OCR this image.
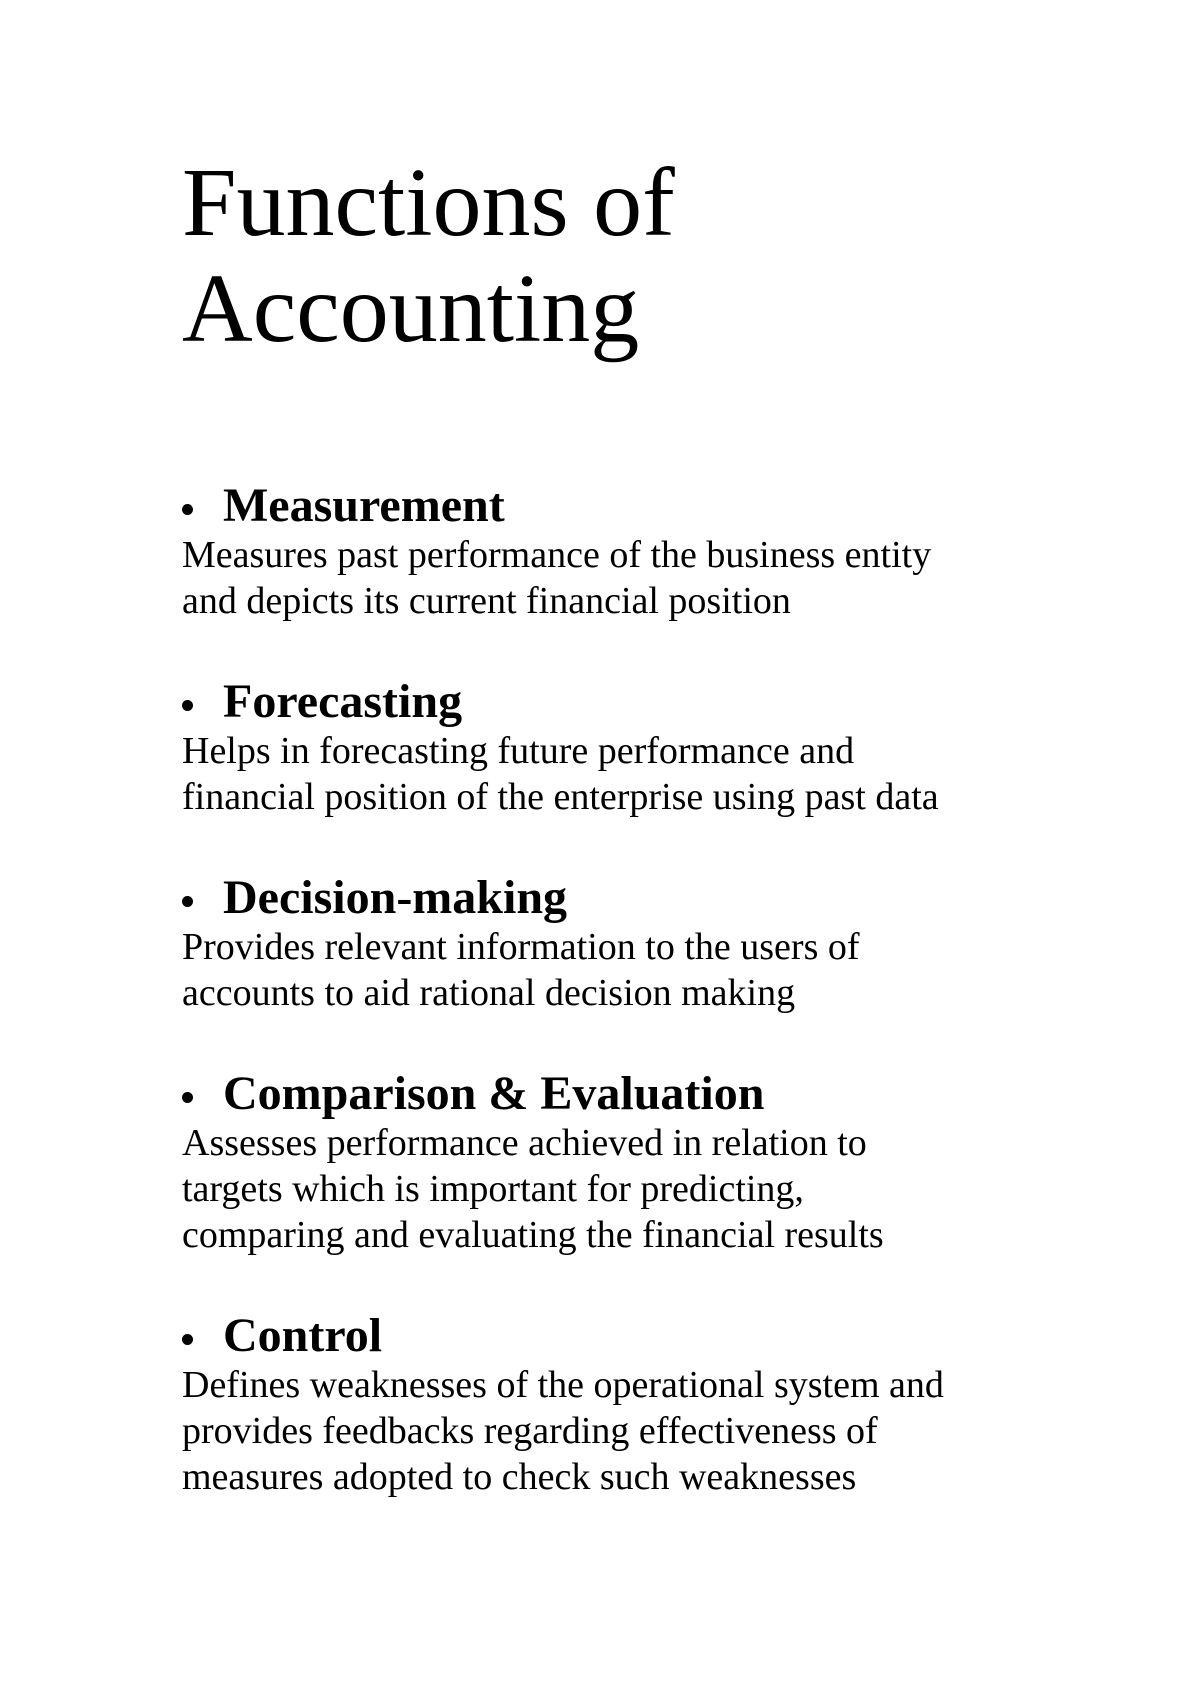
Functions of
Accounting
Measurement
Measures past performance of the business entity
and depicts its current financial position
Forecasting
Helps in forecasting future performance and
financial position of the enterprise using past data
Decision-making
Provides relevant information to the users of
accounts to aid rational decision making
Comparison & Evaluation
Assesses performance achieved in relation to
targets which is important for predicting,
comparing and evaluating the financial results
Control
Defines weaknesses of the operational system and
provides feedbacks regarding effectiveness of
measures adopted to check such weaknesses
